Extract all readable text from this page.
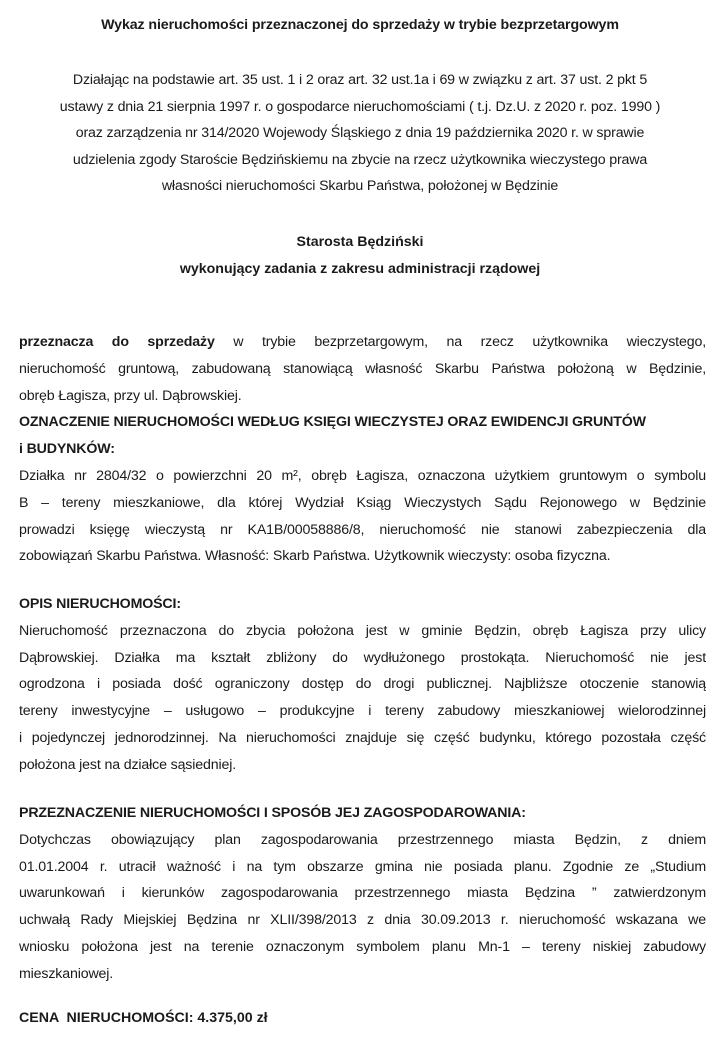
Wykaz nieruchomości przeznaczonej do sprzedaży w trybie bezprzetargowym
Działając na podstawie art. 35 ust. 1 i 2 oraz art. 32 ust.1a i 69 w związku z art. 37 ust. 2 pkt 5
ustawy z dnia 21 sierpnia 1997 r. o gospodarce nieruchomościami ( t.j. Dz.U. z 2020 r. poz. 1990 )
oraz zarządzenia nr 314/2020 Wojewody Śląskiego z dnia 19 października 2020 r. w sprawie
udzielenia zgody Staroście Będzińskiemu na zbycie na rzecz użytkownika wieczystego prawa
własności nieruchomości Skarbu Państwa, położonej w Będzinie
Starosta Będziński
wykonujący zadania z zakresu administracji rządowej
przeznacza do sprzedaży w trybie bezprzetargowym, na rzecz użytkownika wieczystego,
nieruchomość gruntową, zabudowaną stanowiącą własność Skarbu Państwa położoną w Będzinie,
obręb Łagisza, przy ul. Dąbrowskiej.
OZNACZENIE NIERUCHOMOŚCI WEDŁUG KSIĘGI WIECZYSTEJ ORAZ EWIDENCJI GRUNTÓW
i BUDYNKÓW:
Działka nr 2804/32 o powierzchni 20 m², obręb Łagisza, oznaczona użytkiem gruntowym o symbolu
B – tereny mieszkaniowe, dla której Wydział Ksiąg Wieczystych Sądu Rejonowego w Będzinie
prowadzi księgę wieczystą nr KA1B/00058886/8, nieruchomość nie stanowi zabezpieczenia dla
zobowiązań Skarbu Państwa. Własność: Skarb Państwa. Użytkownik wieczysty: osoba fizyczna.
OPIS NIERUCHOMOŚCI:
Nieruchomość przeznaczona do zbycia położona jest w gminie Będzin, obręb Łagisza przy ulicy
Dąbrowskiej. Działka ma kształt zbliżony do wydłużonego prostokąta. Nieruchomość nie jest
ogrodzona i posiada dość ograniczony dostęp do drogi publicznej. Najbliższe otoczenie stanowią
tereny inwestycyjne – usługowo – produkcyjne i tereny zabudowy mieszkaniowej wielorodzinnej
i pojedynczej jednorodzinnej. Na nieruchomości znajduje się część budynku, którego pozostała część
położona jest na działce sąsiedniej.
PRZEZNACZENIE NIERUCHOMOŚCI I SPOSÓB JEJ ZAGOSPODAROWANIA:
Dotychczas obowiązujący plan zagospodarowania przestrzennego miasta Będzin, z dniem
01.01.2004 r. utracił ważność i na tym obszarze gmina nie posiada planu. Zgodnie ze „Studium
uwarunkowań i kierunków zagospodarowania przestrzennego miasta Będzina ” zatwierdzonym
uchwałą Rady Miejskiej Będzina nr XLII/398/2013 z dnia 30.09.2013 r. nieruchomość wskazana we
wniosku położona jest na terenie oznaczonym symbolem planu Mn-1 – tereny niskiej zabudowy
mieszkaniowej.
CENA  NIERUCHOMOŚCI: 4.375,00 zł
